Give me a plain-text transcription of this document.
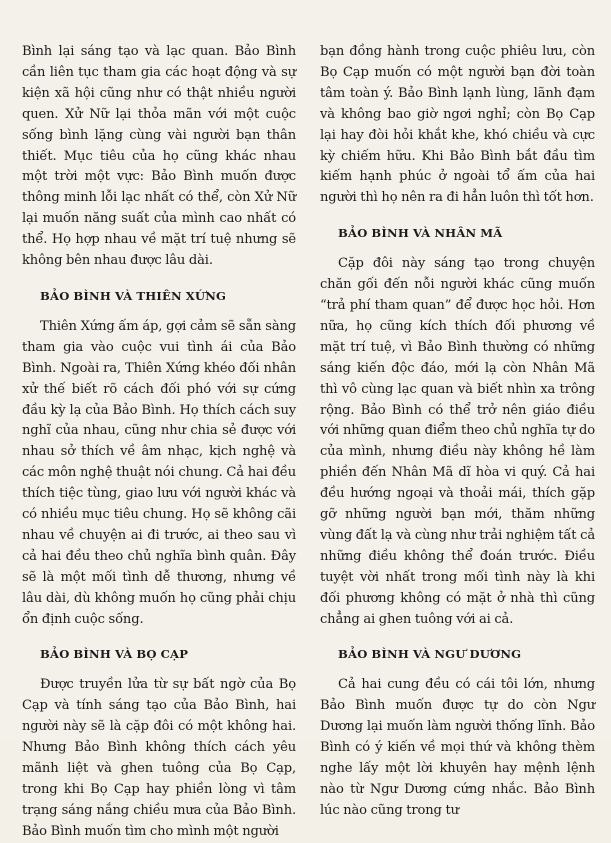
Bình lại sáng tạo và lạc quan. Bảo Bình cần liên tục tham gia các hoạt động và sự kiện xã hội cũng như có thật nhiều người quen. Xử Nữ lại thỏa mãn với một cuộc sống bình lặng cùng vài người bạn thân thiết. Mục tiêu của họ cũng khác nhau một trời một vực: Bảo Bình muốn được thông minh lỗi lạc nhất có thể, còn Xử Nữ lại muốn năng suất của mình cao nhất có thể. Họ hợp nhau về mặt trí tuệ nhưng sẽ không bên nhau được lâu dài.

BẢO BÌNH VÀ THIÊN XỨNG

Thiên Xứng ấm áp, gợi cảm sẽ sẵn sàng tham gia vào cuộc vui tình ái của Bảo Bình. Ngoài ra, Thiên Xứng khéo đối nhân xử thế biết rõ cách đối phó với sự cứng đầu kỳ lạ của Bảo Bình. Họ thích cách suy nghĩ của nhau, cũng như chia sẻ được với nhau sở thích về âm nhạc, kịch nghệ và các môn nghệ thuật nói chung. Cả hai đều thích tiệc tùng, giao lưu với người khác và có nhiều mục tiêu chung. Họ sẽ không cãi nhau về chuyện ai đi trước, ai theo sau vì cả hai đều theo chủ nghĩa bình quân. Đây sẽ là một mối tình dễ thương, nhưng về lâu dài, dù không muốn họ cũng phải chịu ổn định cuộc sống.

BẢO BÌNH VÀ BỌ CẠP

Được truyền lửa từ sự bất ngờ của Bọ Cạp và tính sáng tạo của Bảo Bình, hai người này sẽ là cặp đôi có một không hai. Nhưng Bảo Bình không thích cách yêu mãnh liệt và ghen tuông của Bọ Cạp, trong khi Bọ Cạp hay phiền lòng vì tâm trạng sáng nắng chiều mưa của Bảo Bình. Bảo Bình muốn tìm cho mình một người

bạn đồng hành trong cuộc phiêu lưu, còn Bọ Cạp muốn có một người bạn đời toàn tâm toàn ý. Bảo Bình lạnh lùng, lãnh đạm và không bao giờ ngơi nghỉ; còn Bọ Cạp lại hay đòi hỏi khắt khe, khó chiều và cực kỳ chiếm hữu. Khi Bảo Bình bắt đầu tìm kiếm hạnh phúc ở ngoài tổ ấm của hai người thì họ nên ra đi hẳn luôn thì tốt hơn.

BẢO BÌNH VÀ NHÂN MÃ

Cặp đôi này sáng tạo trong chuyện chăn gối đến nỗi người khác cũng muốn “trả phí tham quan” để được học hỏi. Hơn nữa, họ cũng kích thích đối phương về mặt trí tuệ, vì Bảo Bình thường có những sáng kiến độc đáo, mới lạ còn Nhân Mã thì vô cùng lạc quan và biết nhìn xa trông rộng. Bảo Bình có thể trở nên giáo điều với những quan điểm theo chủ nghĩa tự do của mình, nhưng điều này không hề làm phiền đến Nhân Mã dĩ hòa vi quý. Cả hai đều hướng ngoại và thoải mái, thích gặp gỡ những người bạn mới, thăm những vùng đất lạ và cùng như trải nghiệm tất cả những điều không thể đoán trước. Điều tuyệt vời nhất trong mối tình này là khi đối phương không có mặt ở nhà thì cũng chẳng ai ghen tuông với ai cả.

BẢO BÌNH VÀ NGƯ DƯƠNG

Cả hai cung đều có cái tôi lớn, nhưng Bảo Bình muốn được tự do còn Ngư Dương lại muốn làm người thống lĩnh. Bảo Bình có ý kiến về mọi thứ và không thèm nghe lấy một lời khuyên hay mệnh lệnh nào từ Ngư Dương cứng nhắc. Bảo Bình lúc nào cũng trong tư
